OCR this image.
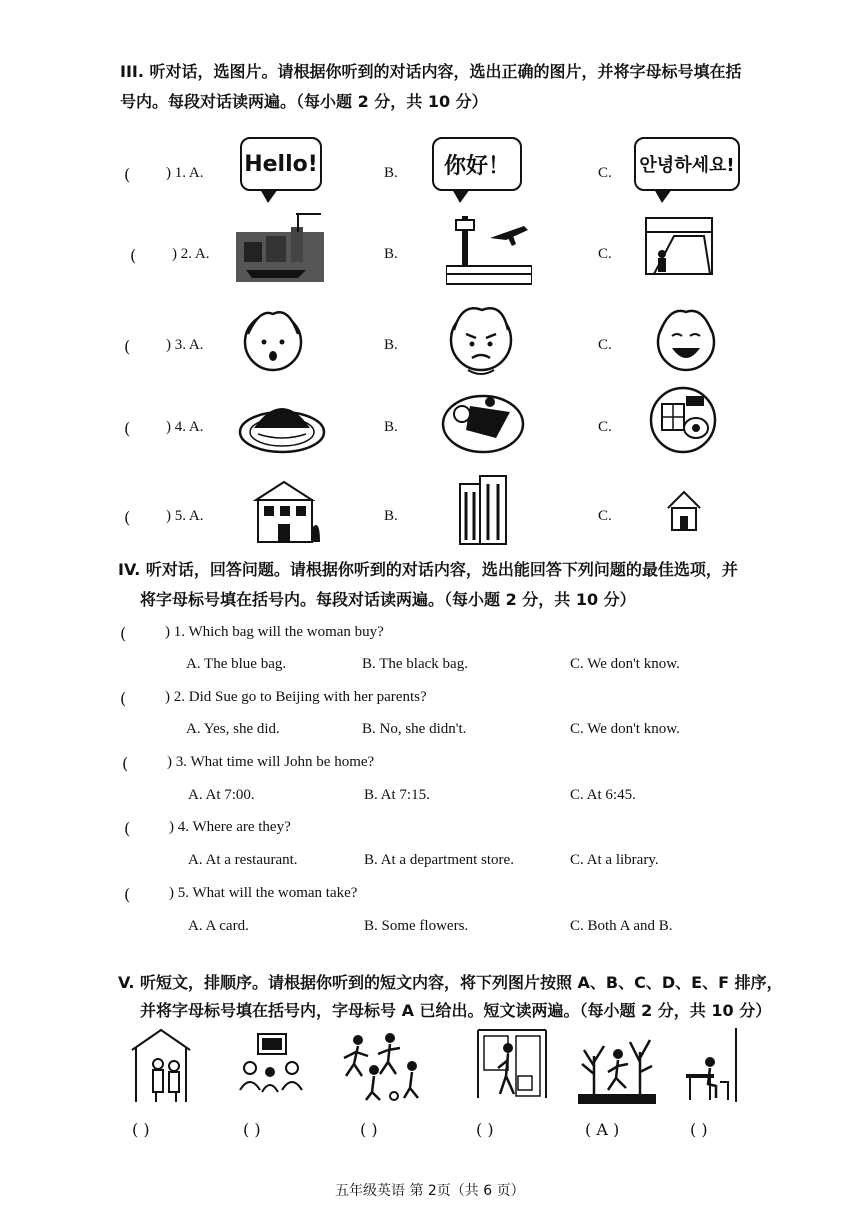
III. 听对话，选图片。请根据你听到的对话内容，选出正确的图片，并将字母标号填在括
号内。每段对话读两遍。（每小题 2 分，共 10 分）
( ) 1. A. Hello!	B.	你好！	C.	안녕하세요!
( ) 2. A.	B.	C.
( ) 3. A.	B.	C.
( ) 4. A.	B.	C.
( ) 5. A.	B.	C.
IV. 听对话，回答问题。请根据你听到的对话内容，选出能回答下列问题的最佳选项，并
将字母标号填在括号内。每段对话读两遍。（每小题 2 分，共 10 分）
(	) 1. Which bag will the woman buy?
A. The blue bag.	B. The black bag.	C. We don't know.
(	) 2. Did Sue go to Beijing with her parents?
A. Yes, she did.	B. No, she didn't.	C. We don't know.
(	) 3. What time will John be home?
A. At 7:00.	B. At 7:15.	C. At 6:45.
(	) 4. Where are they?
A. At a restaurant.	B. At a department store.	C. At a library.
(	) 5. What will the woman take?
A. A card.	B. Some flowers.	C. Both A and B.
V. 听短文，排顺序。请根据你听到的短文内容，将下列图片按照 A、B、C、D、E、F 排序，
并将字母标号填在括号内，字母标号 A 已给出。短文读两遍。（每小题 2 分，共 10 分）
( )	( )	( )	( )	( A )	( )
五年级英语 第 2页（共 6 页）
